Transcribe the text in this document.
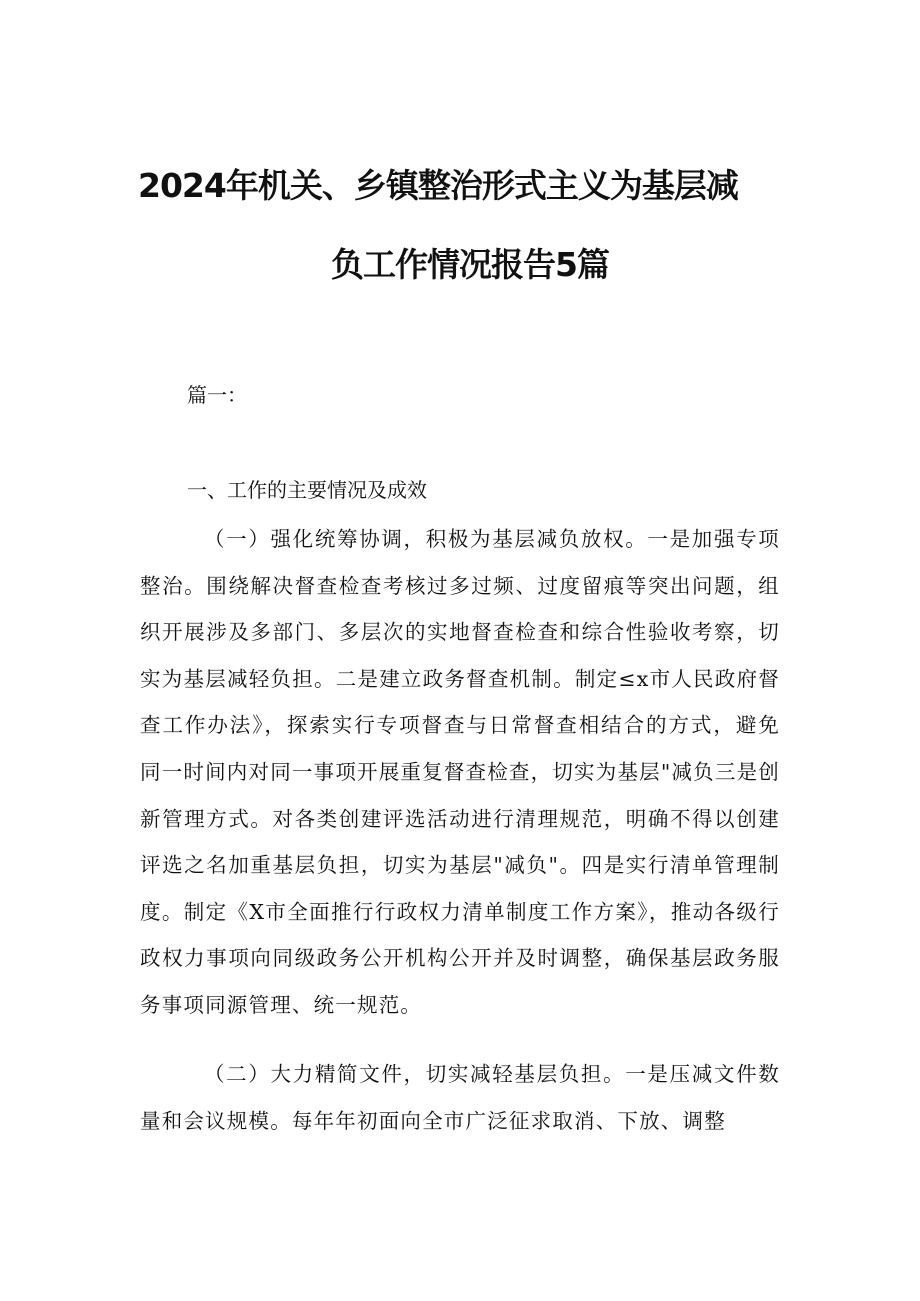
2024年机关、乡镇整治形式主义为基层减
负工作情况报告5篇
篇一：
一、工作的主要情况及成效

（一）强化统筹协调，积极为基层减负放权。一是加强专项整治。围绕解决督查检查考核过多过频、过度留痕等突出问题，组织开展涉及多部门、多层次的实地督查检查和综合性验收考察，切实为基层减轻负担。二是建立政务督查机制。制定≤x市人民政府督查工作办法》，探索实行专项督查与日常督查相结合的方式，避免同一时间内对同一事项开展重复督查检查，切实为基层"减负三是创新管理方式。对各类创建评选活动进行清理规范，明确不得以创建评选之名加重基层负担，切实为基层"减负"。四是实行清单管理制度。制定《X市全面推行行政权力清单制度工作方案》，推动各级行政权力事项向同级政务公开机构公开并及时调整，确保基层政务服务事项同源管理、统一规范。

（二）大力精简文件，切实减轻基层负担。一是压减文件数量和会议规模。每年年初面向全市广泛征求取消、下放、调整
